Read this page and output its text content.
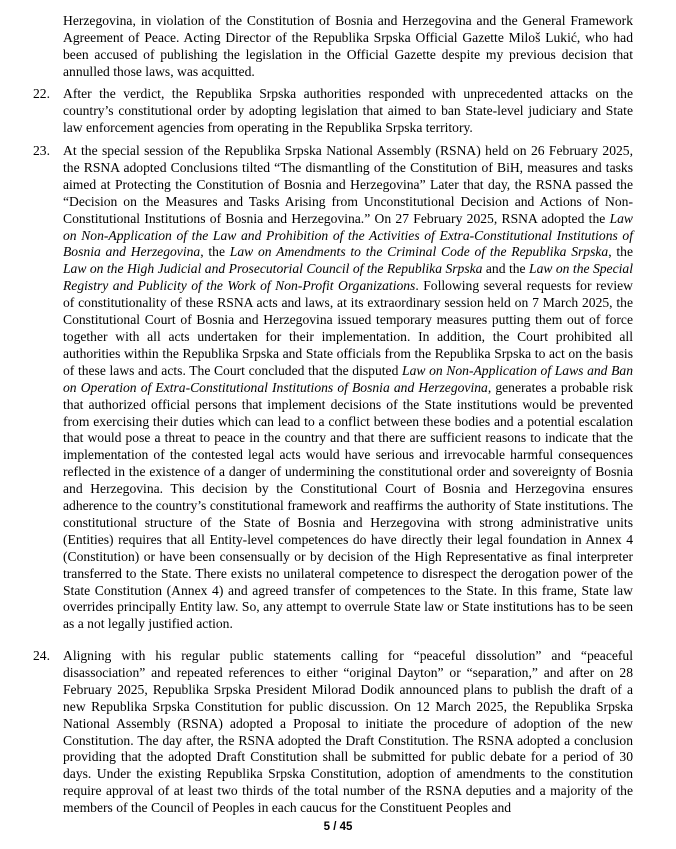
Herzegovina, in violation of the Constitution of Bosnia and Herzegovina and the General Framework Agreement of Peace. Acting Director of the Republika Srpska Official Gazette Miloš Lukić, who had been accused of publishing the legislation in the Official Gazette despite my previous decision that annulled those laws, was acquitted.
22. After the verdict, the Republika Srpska authorities responded with unprecedented attacks on the country’s constitutional order by adopting legislation that aimed to ban State-level judiciary and State law enforcement agencies from operating in the Republika Srpska territory.
23. At the special session of the Republika Srpska National Assembly (RSNA) held on 26 February 2025, the RSNA adopted Conclusions tilted “The dismantling of the Constitution of BiH, measures and tasks aimed at Protecting the Constitution of Bosnia and Herzegovina” Later that day, the RSNA passed the “Decision on the Measures and Tasks Arising from Unconstitutional Decision and Actions of Non-Constitutional Institutions of Bosnia and Herzegovina.” On 27 February 2025, RSNA adopted the Law on Non-Application of the Law and Prohibition of the Activities of Extra-Constitutional Institutions of Bosnia and Herzegovina, the Law on Amendments to the Criminal Code of the Republika Srpska, the Law on the High Judicial and Prosecutorial Council of the Republika Srpska and the Law on the Special Registry and Publicity of the Work of Non-Profit Organizations. Following several requests for review of constitutionality of these RSNA acts and laws, at its extraordinary session held on 7 March 2025, the Constitutional Court of Bosnia and Herzegovina issued temporary measures putting them out of force together with all acts undertaken for their implementation. In addition, the Court prohibited all authorities within the Republika Srpska and State officials from the Republika Srpska to act on the basis of these laws and acts. The Court concluded that the disputed Law on Non-Application of Laws and Ban on Operation of Extra-Constitutional Institutions of Bosnia and Herzegovina, generates a probable risk that authorized official persons that implement decisions of the State institutions would be prevented from exercising their duties which can lead to a conflict between these bodies and a potential escalation that would pose a threat to peace in the country and that there are sufficient reasons to indicate that the implementation of the contested legal acts would have serious and irrevocable harmful consequences reflected in the existence of a danger of undermining the constitutional order and sovereignty of Bosnia and Herzegovina. This decision by the Constitutional Court of Bosnia and Herzegovina ensures adherence to the country’s constitutional framework and reaffirms the authority of State institutions. The constitutional structure of the State of Bosnia and Herzegovina with strong administrative units (Entities) requires that all Entity-level competences do have directly their legal foundation in Annex 4 (Constitution) or have been consensually or by decision of the High Representative as final interpreter transferred to the State. There exists no unilateral competence to disrespect the derogation power of the State Constitution (Annex 4) and agreed transfer of competences to the State. In this frame, State law overrides principally Entity law. So, any attempt to overrule State law or State institutions has to be seen as a not legally justified action.
24. Aligning with his regular public statements calling for “peaceful dissolution” and “peaceful disassociation” and repeated references to either “original Dayton” or “separation,” and after on 28 February 2025, Republika Srpska President Milorad Dodik announced plans to publish the draft of a new Republika Srpska Constitution for public discussion. On 12 March 2025, the Republika Srpska National Assembly (RSNA) adopted a Proposal to initiate the procedure of adoption of the new Constitution. The day after, the RSNA adopted the Draft Constitution. The RSNA adopted a conclusion providing that the adopted Draft Constitution shall be submitted for public debate for a period of 30 days. Under the existing Republika Srpska Constitution, adoption of amendments to the constitution require approval of at least two thirds of the total number of the RSNA deputies and a majority of the members of the Council of Peoples in each caucus for the Constituent Peoples and
5 / 45
